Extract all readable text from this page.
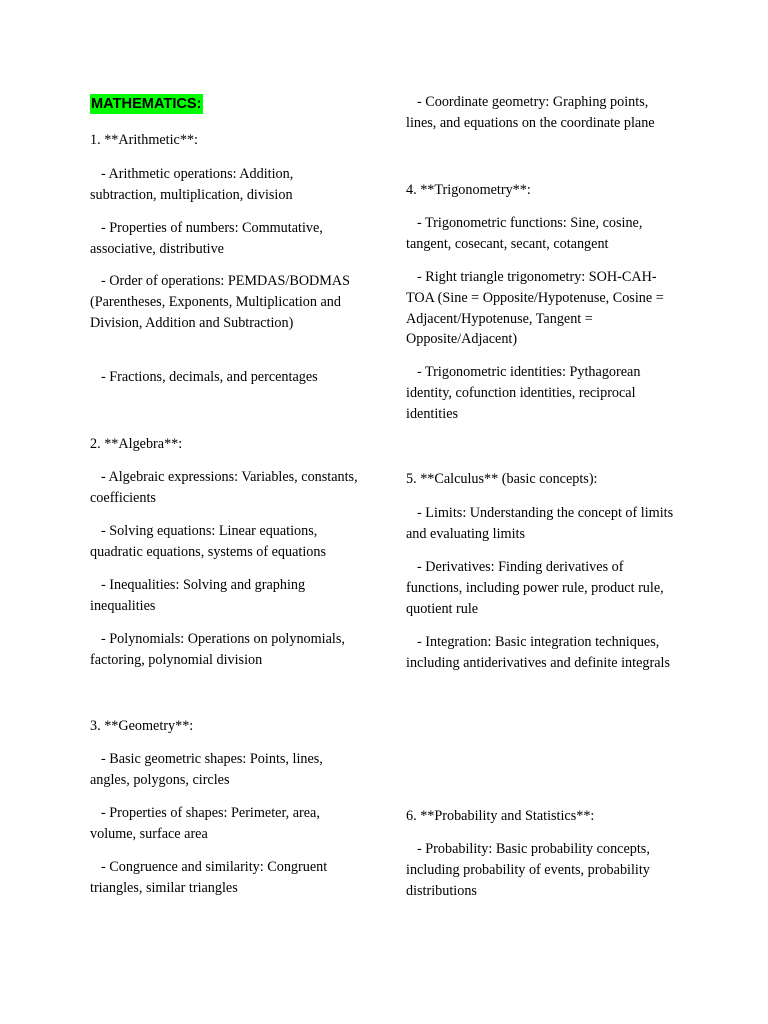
MATHEMATICS:

1. **Arithmetic**:

- Arithmetic operations: Addition, subtraction, multiplication, division

- Properties of numbers: Commutative, associative, distributive

- Order of operations: PEMDAS/BODMAS (Parentheses, Exponents, Multiplication and Division, Addition and Subtraction)

- Fractions, decimals, and percentages

2. **Algebra**:

- Algebraic expressions: Variables, constants, coefficients

- Solving equations: Linear equations, quadratic equations, systems of equations

- Inequalities: Solving and graphing inequalities

- Polynomials: Operations on polynomials, factoring, polynomial division

3. **Geometry**:

- Basic geometric shapes: Points, lines, angles, polygons, circles

- Properties of shapes: Perimeter, area, volume, surface area

- Congruence and similarity: Congruent triangles, similar triangles

- Coordinate geometry: Graphing points, lines, and equations on the coordinate plane

4. **Trigonometry**:

- Trigonometric functions: Sine, cosine, tangent, cosecant, secant, cotangent

- Right triangle trigonometry: SOH-CAH-TOA (Sine = Opposite/Hypotenuse, Cosine = Adjacent/Hypotenuse, Tangent = Opposite/Adjacent)

- Trigonometric identities: Pythagorean identity, cofunction identities, reciprocal identities

5. **Calculus** (basic concepts):

- Limits: Understanding the concept of limits and evaluating limits

- Derivatives: Finding derivatives of functions, including power rule, product rule, quotient rule

- Integration: Basic integration techniques, including antiderivatives and definite integrals

6. **Probability and Statistics**:

- Probability: Basic probability concepts, including probability of events, probability distributions
